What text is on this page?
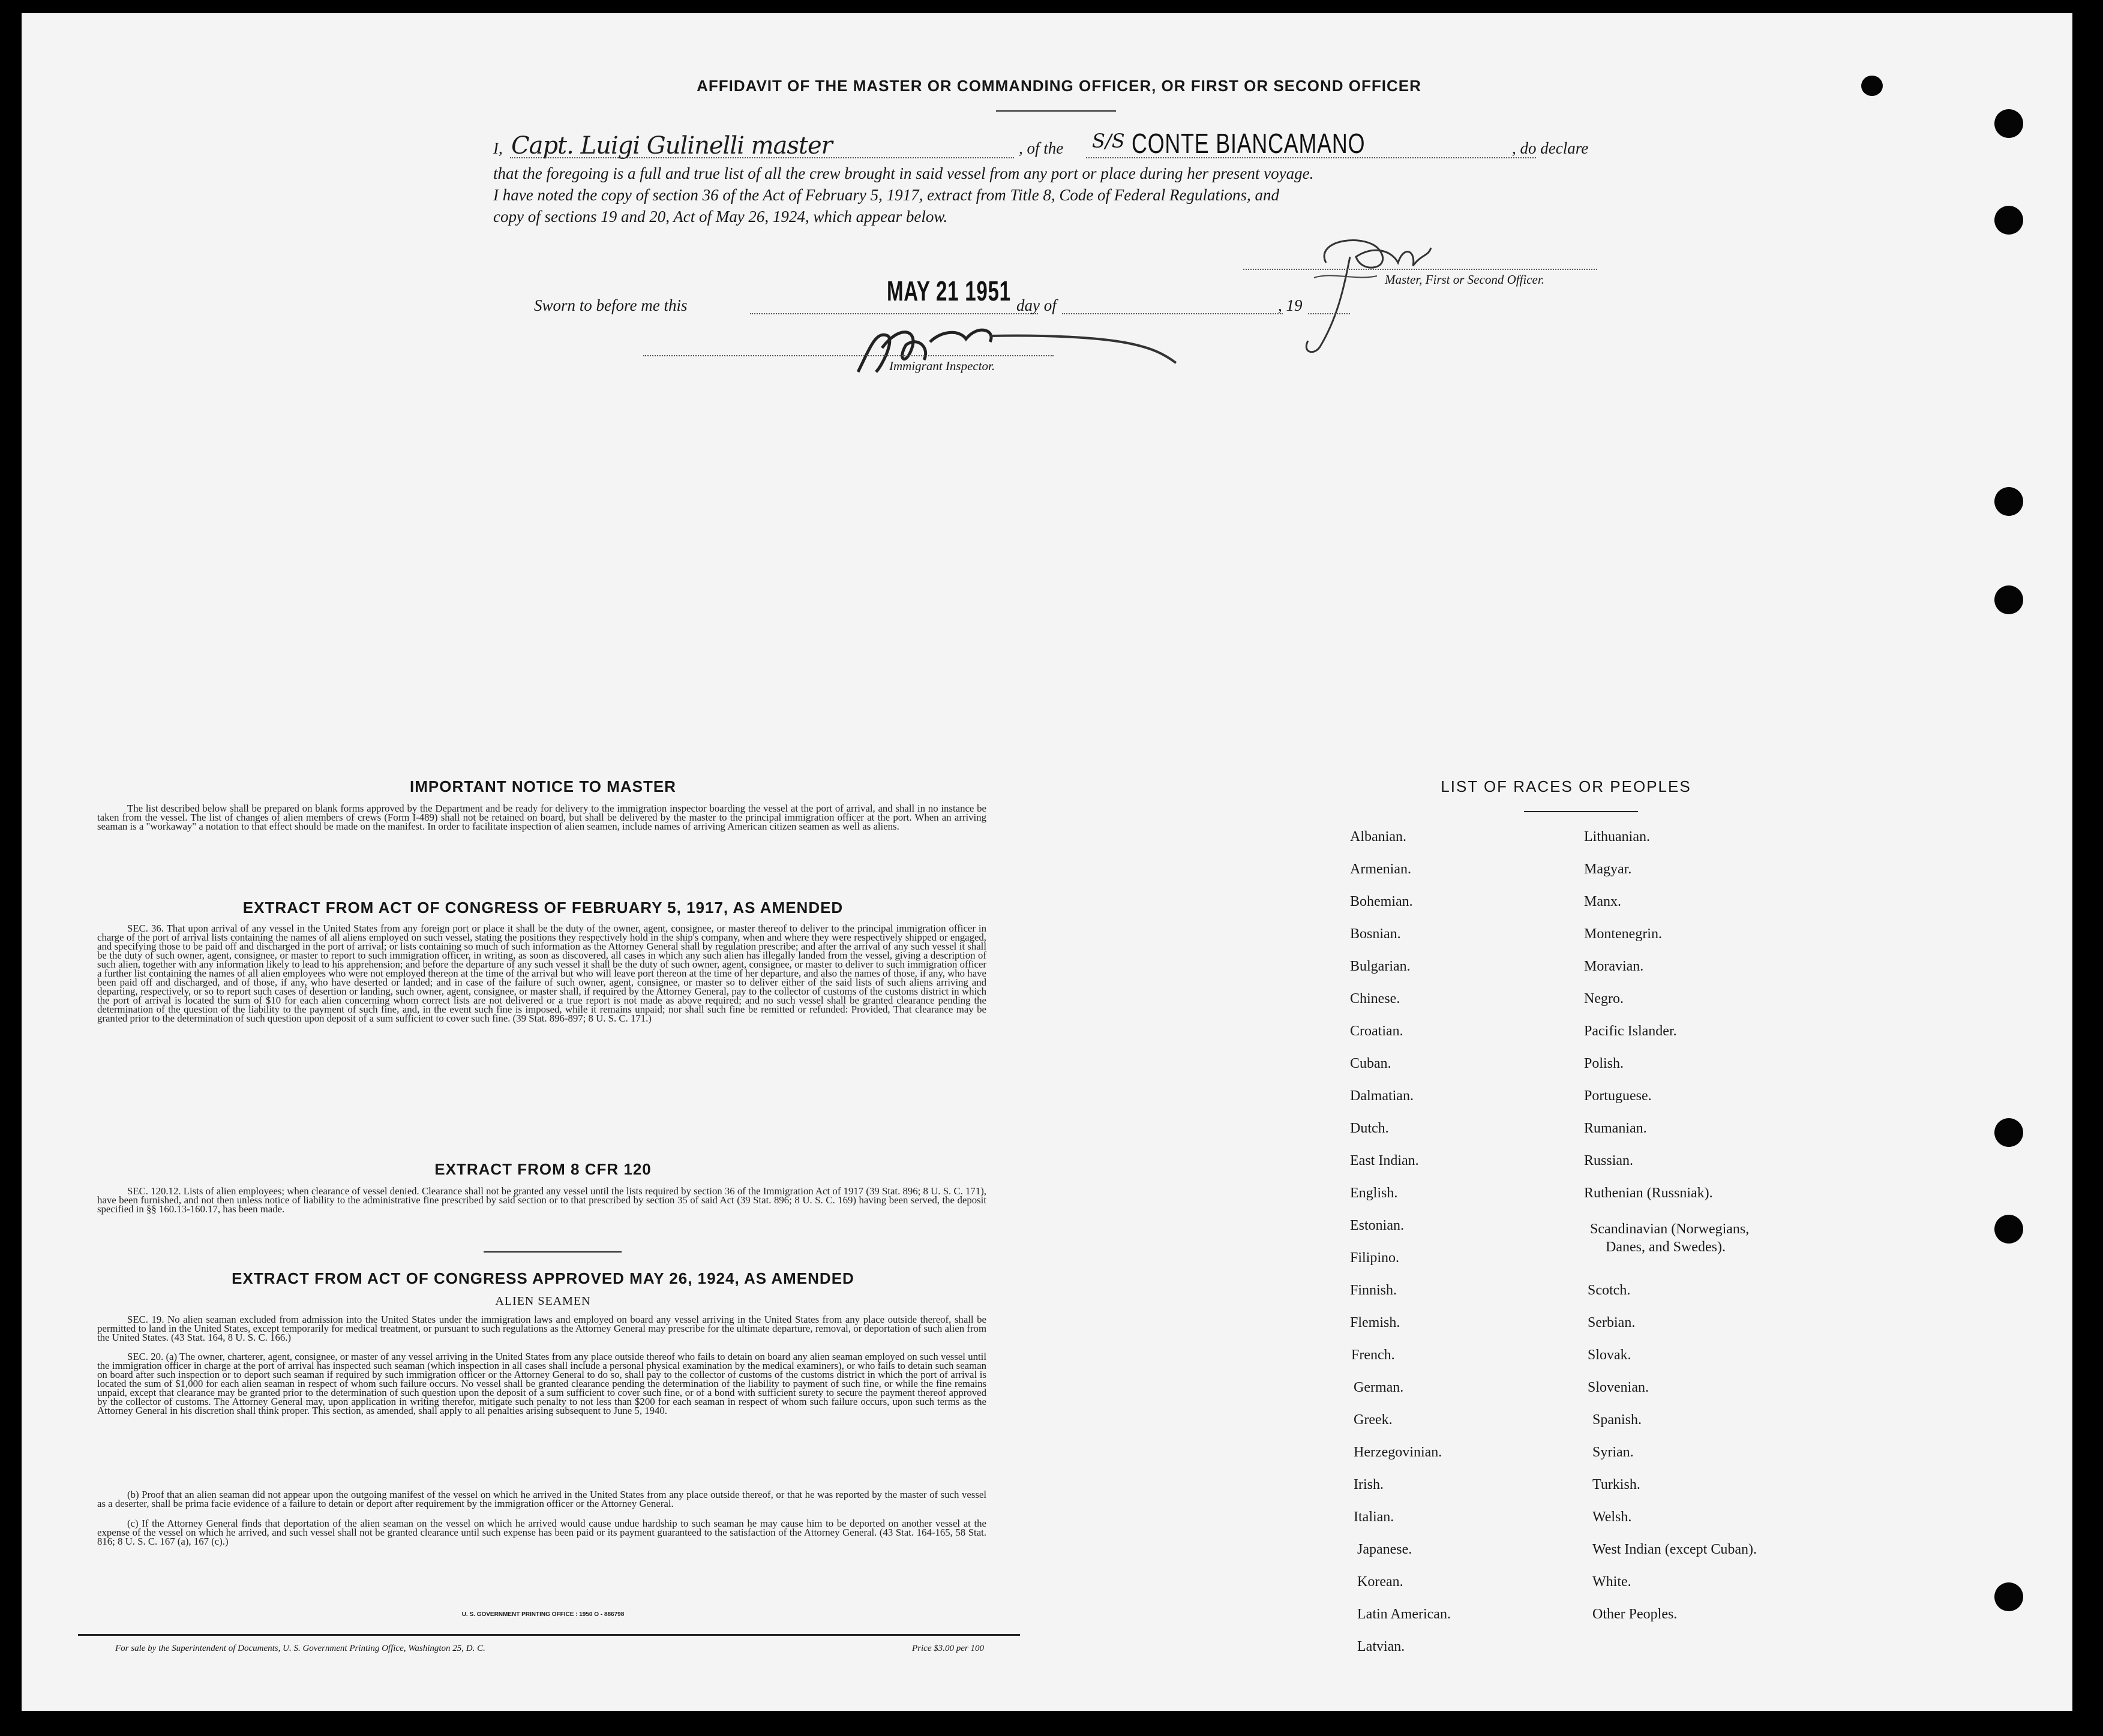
AFFIDAVIT OF THE MASTER OR COMMANDING OFFICER, OR FIRST OR SECOND OFFICER
I, Capt. Luigi Gulinelli master	, of the S/S CONTE BIANCAMANO	, do declare
that the foregoing is a full and true list of all the crew brought in said vessel from any port or place during her present voyage.
I have noted the copy of section 36 of the Act of February 5, 1917, extract from Title 8, Code of Federal Regulations, and
copy of sections 19 and 20, Act of May 26, 1924, which appear below.
Master, First or Second Officer.
Sworn to before me this	MAY 21 1951 day of	, 19
Immigrant Inspector.
IMPORTANT NOTICE TO MASTER
The list described below shall be prepared on blank forms approved by the Department and be ready for delivery to the immigration inspector boarding the vessel at the port of arrival, and shall in no instance be taken from the vessel. The list of changes of alien members of crews (Form I-489) shall not be retained on board, but shall be delivered by the master to the principal immigration officer at the port. When an arriving seaman is a "workaway" a notation to that effect should be made on the manifest. In order to facilitate inspection of alien seamen, include names of arriving American citizen seamen as well as aliens.
EXTRACT FROM ACT OF CONGRESS OF FEBRUARY 5, 1917, AS AMENDED
SEC. 36. That upon arrival of any vessel in the United States from any foreign port or place it shall be the duty of the owner, agent, consignee, or master thereof to deliver to the principal immigration officer in charge of the port of arrival lists containing the names of all aliens employed on such vessel, stating the positions they respectively hold in the ship's company, when and where they were respectively shipped or engaged, and specifying those to be paid off and discharged in the port of arrival; or lists containing so much of such information as the Attorney General shall by regulation prescribe; and after the arrival of any such vessel it shall be the duty of such owner, agent, consignee, or master to report to such immigration officer, in writing, as soon as discovered, all cases in which any such alien has illegally landed from the vessel, giving a description of such alien, together with any information likely to lead to his apprehension; and before the departure of any such vessel it shall be the duty of such owner, agent, consignee, or master to deliver to such immigration officer a further list containing the names of all alien employees who were not employed thereon at the time of the arrival but who will leave port thereon at the time of her departure, and also the names of those, if any, who have been paid off and discharged, and of those, if any, who have deserted or landed; and in case of the failure of such owner, agent, consignee, or master so to deliver either of the said lists of such aliens arriving and departing, respectively, or so to report such cases of desertion or landing, such owner, agent, consignee, or master shall, if required by the Attorney General, pay to the collector of customs of the customs district in which the port of arrival is located the sum of $10 for each alien concerning whom correct lists are not delivered or a true report is not made as above required; and no such vessel shall be granted clearance pending the determination of the question of the liability to the payment of such fine, and, in the event such fine is imposed, while it remains unpaid; nor shall such fine be remitted or refunded: Provided, That clearance may be granted prior to the determination of such question upon deposit of a sum sufficient to cover such fine. (39 Stat. 896-897; 8 U. S. C. 171.)
EXTRACT FROM 8 CFR 120
SEC. 120.12. Lists of alien employees; when clearance of vessel denied. Clearance shall not be granted any vessel until the lists required by section 36 of the Immigration Act of 1917 (39 Stat. 896; 8 U. S. C. 171), have been furnished, and not then unless notice of liability to the administrative fine prescribed by said section or to that prescribed by section 35 of said Act (39 Stat. 896; 8 U. S. C. 169) having been served, the deposit specified in §§ 160.13-160.17, has been made.
EXTRACT FROM ACT OF CONGRESS APPROVED MAY 26, 1924, AS AMENDED
ALIEN SEAMEN
SEC. 19. No alien seaman excluded from admission into the United States under the immigration laws and employed on board any vessel arriving in the United States from any place outside thereof, shall be permitted to land in the United States, except temporarily for medical treatment, or pursuant to such regulations as the Attorney General may prescribe for the ultimate departure, removal, or deportation of such alien from the United States. (43 Stat. 164, 8 U. S. C. 166.)
SEC. 20. (a) The owner, charterer, agent, consignee, or master of any vessel arriving in the United States from any place outside thereof who fails to detain on board any alien seaman employed on such vessel until the immigration officer in charge at the port of arrival has inspected such seaman (which inspection in all cases shall include a personal physical examination by the medical examiners), or who fails to detain such seaman on board after such inspection or to deport such seaman if required by such immigration officer or the Attorney General to do so, shall pay to the collector of customs of the customs district in which the port of arrival is located the sum of $1,000 for each alien seaman in respect of whom such failure occurs. No vessel shall be granted clearance pending the determination of the liability to payment of such fine, or while the fine remains unpaid, except that clearance may be granted prior to the determination of such question upon the deposit of a sum sufficient to cover such fine, or of a bond with sufficient surety to secure the payment thereof approved by the collector of customs. The Attorney General may, upon application in writing therefor, mitigate such penalty to not less than $200 for each seaman in respect of whom such failure occurs, upon such terms as the Attorney General in his discretion shall think proper. This section, as amended, shall apply to all penalties arising subsequent to June 5, 1940.
(b) Proof that an alien seaman did not appear upon the outgoing manifest of the vessel on which he arrived in the United States from any place outside thereof, or that he was reported by the master of such vessel as a deserter, shall be prima facie evidence of a failure to detain or deport after requirement by the immigration officer or the Attorney General.
(c) If the Attorney General finds that deportation of the alien seaman on the vessel on which he arrived would cause undue hardship to such seaman he may cause him to be deported on another vessel at the expense of the vessel on which he arrived, and such vessel shall not be granted clearance until such expense has been paid or its payment guaranteed to the satisfaction of the Attorney General. (43 Stat. 164-165, 58 Stat. 816; 8 U. S. C. 167 (a), 167 (c).)
U. S. GOVERNMENT PRINTING OFFICE : 1950 O - 886798
For sale by the Superintendent of Documents, U. S. Government Printing Office, Washington 25, D. C.	Price $3.00 per 100
LIST OF RACES OR PEOPLES
Albanian.
Armenian.
Bohemian.
Bosnian.
Bulgarian.
Chinese.
Croatian.
Cuban.
Dalmatian.
Dutch.
East Indian.
English.
Estonian.
Filipino.
Finnish.
Flemish.
French.
German.
Greek.
Herzegovinian.
Irish.
Italian.
Japanese.
Korean.
Latin American.
Latvian.
Lithuanian.
Magyar.
Manx.
Montenegrin.
Moravian.
Negro.
Pacific Islander.
Polish.
Portuguese.
Rumanian.
Russian.
Ruthenian (Russniak).
Scandinavian (Norwegians,
Danes, and Swedes).
Scotch.
Serbian.
Slovak.
Slovenian.
Spanish.
Syrian.
Turkish.
Welsh.
West Indian (except Cuban).
White.
Other Peoples.
